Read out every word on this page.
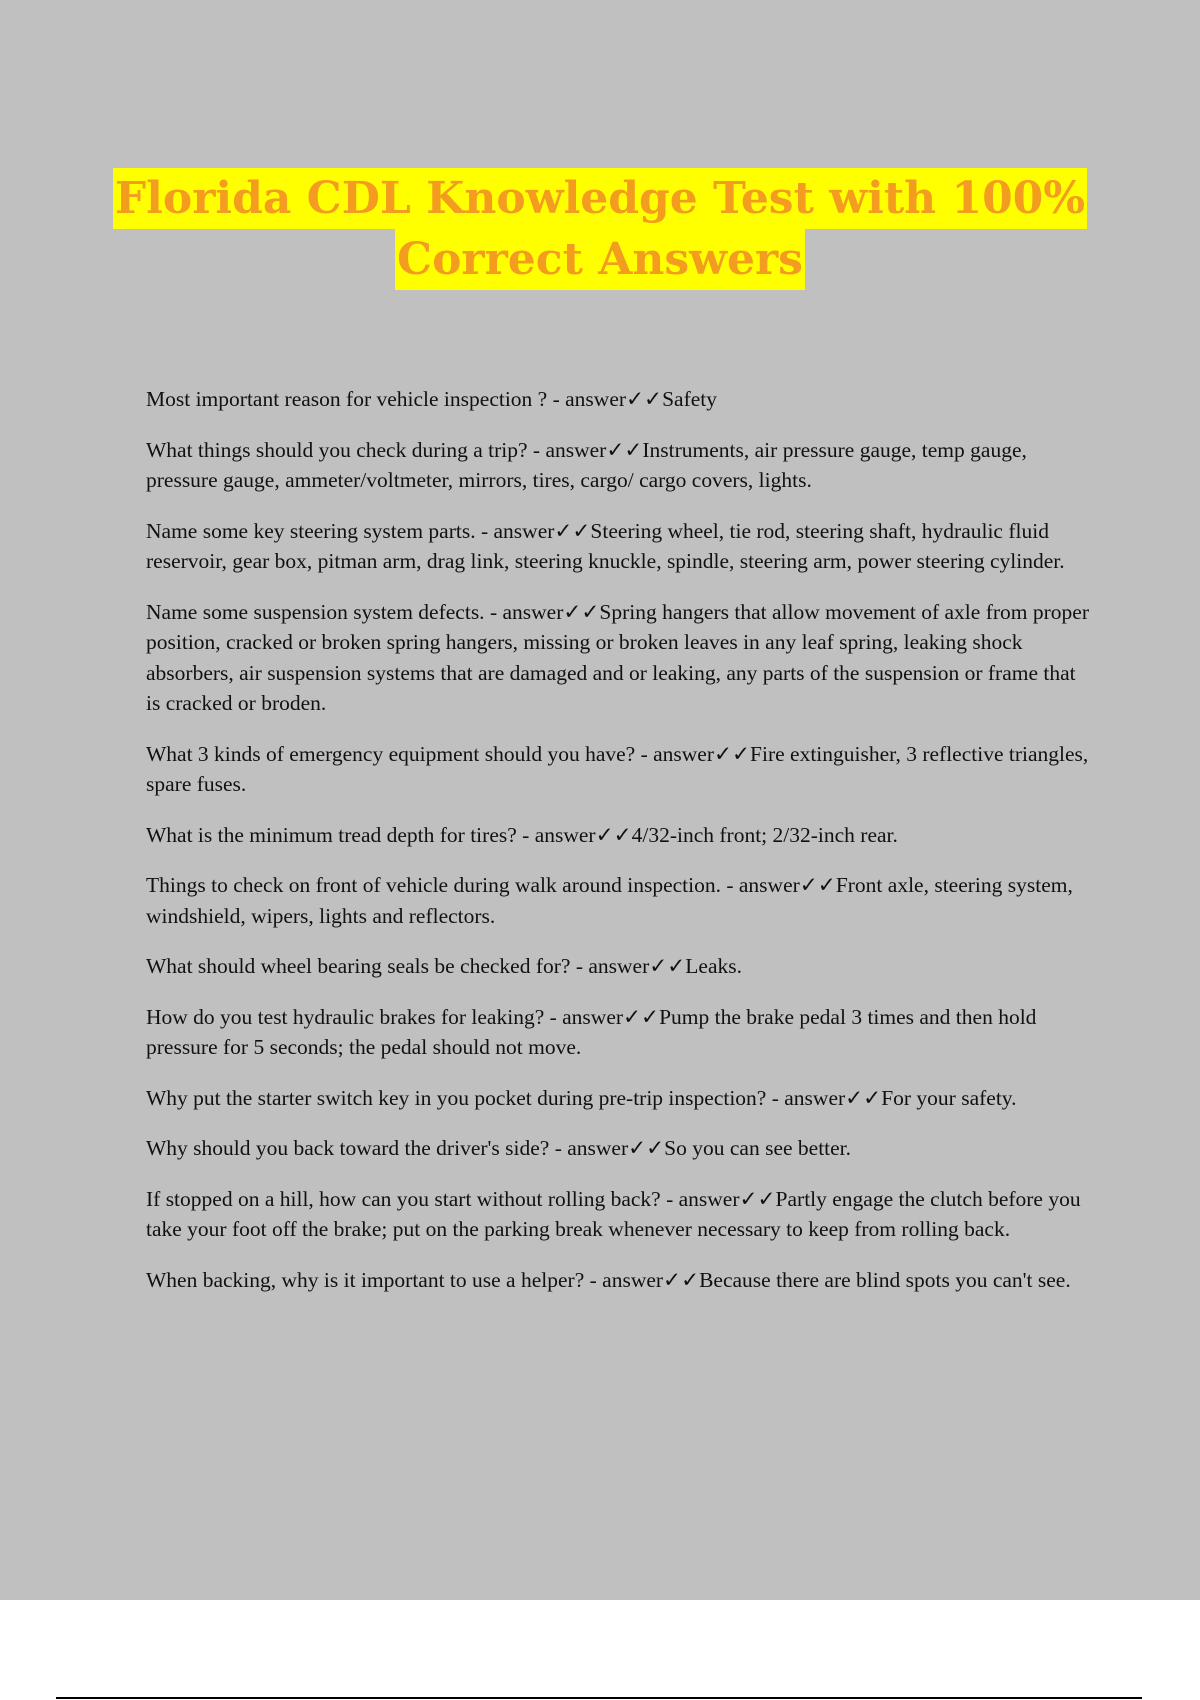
Florida CDL Knowledge Test with 100%
Correct Answers

Most important reason for vehicle inspection ? - answer✓✓Safety

What things should you check during a trip? - answer✓✓Instruments, air pressure gauge, temp gauge, pressure gauge, ammeter/voltmeter, mirrors, tires, cargo/ cargo covers, lights.

Name some key steering system parts. - answer✓✓Steering wheel, tie rod, steering shaft, hydraulic fluid reservoir, gear box, pitman arm, drag link, steering knuckle, spindle, steering arm, power steering cylinder.

Name some suspension system defects. - answer✓✓Spring hangers that allow movement of axle from proper position, cracked or broken spring hangers, missing or broken leaves in any leaf spring, leaking shock absorbers, air suspension systems that are damaged and or leaking, any parts of the suspension or frame that is cracked or broden.

What 3 kinds of emergency equipment should you have? - answer✓✓Fire extinguisher, 3 reflective triangles, spare fuses.

What is the minimum tread depth for tires? - answer✓✓4/32-inch front; 2/32-inch rear.

Things to check on front of vehicle during walk around inspection. - answer✓✓Front axle, steering system, windshield, wipers, lights and reflectors.

What should wheel bearing seals be checked for? - answer✓✓Leaks.

How do you test hydraulic brakes for leaking? - answer✓✓Pump the brake pedal 3 times and then hold pressure for 5 seconds; the pedal should not move.

Why put the starter switch key in you pocket during pre-trip inspection? - answer✓✓For your safety.

Why should you back toward the driver's side? - answer✓✓So you can see better.

If stopped on a hill, how can you start without rolling back? - answer✓✓Partly engage the clutch before you take your foot off the brake; put on the parking break whenever necessary to keep from rolling back.

When backing, why is it important to use a helper? - answer✓✓Because there are blind spots you can't see.
